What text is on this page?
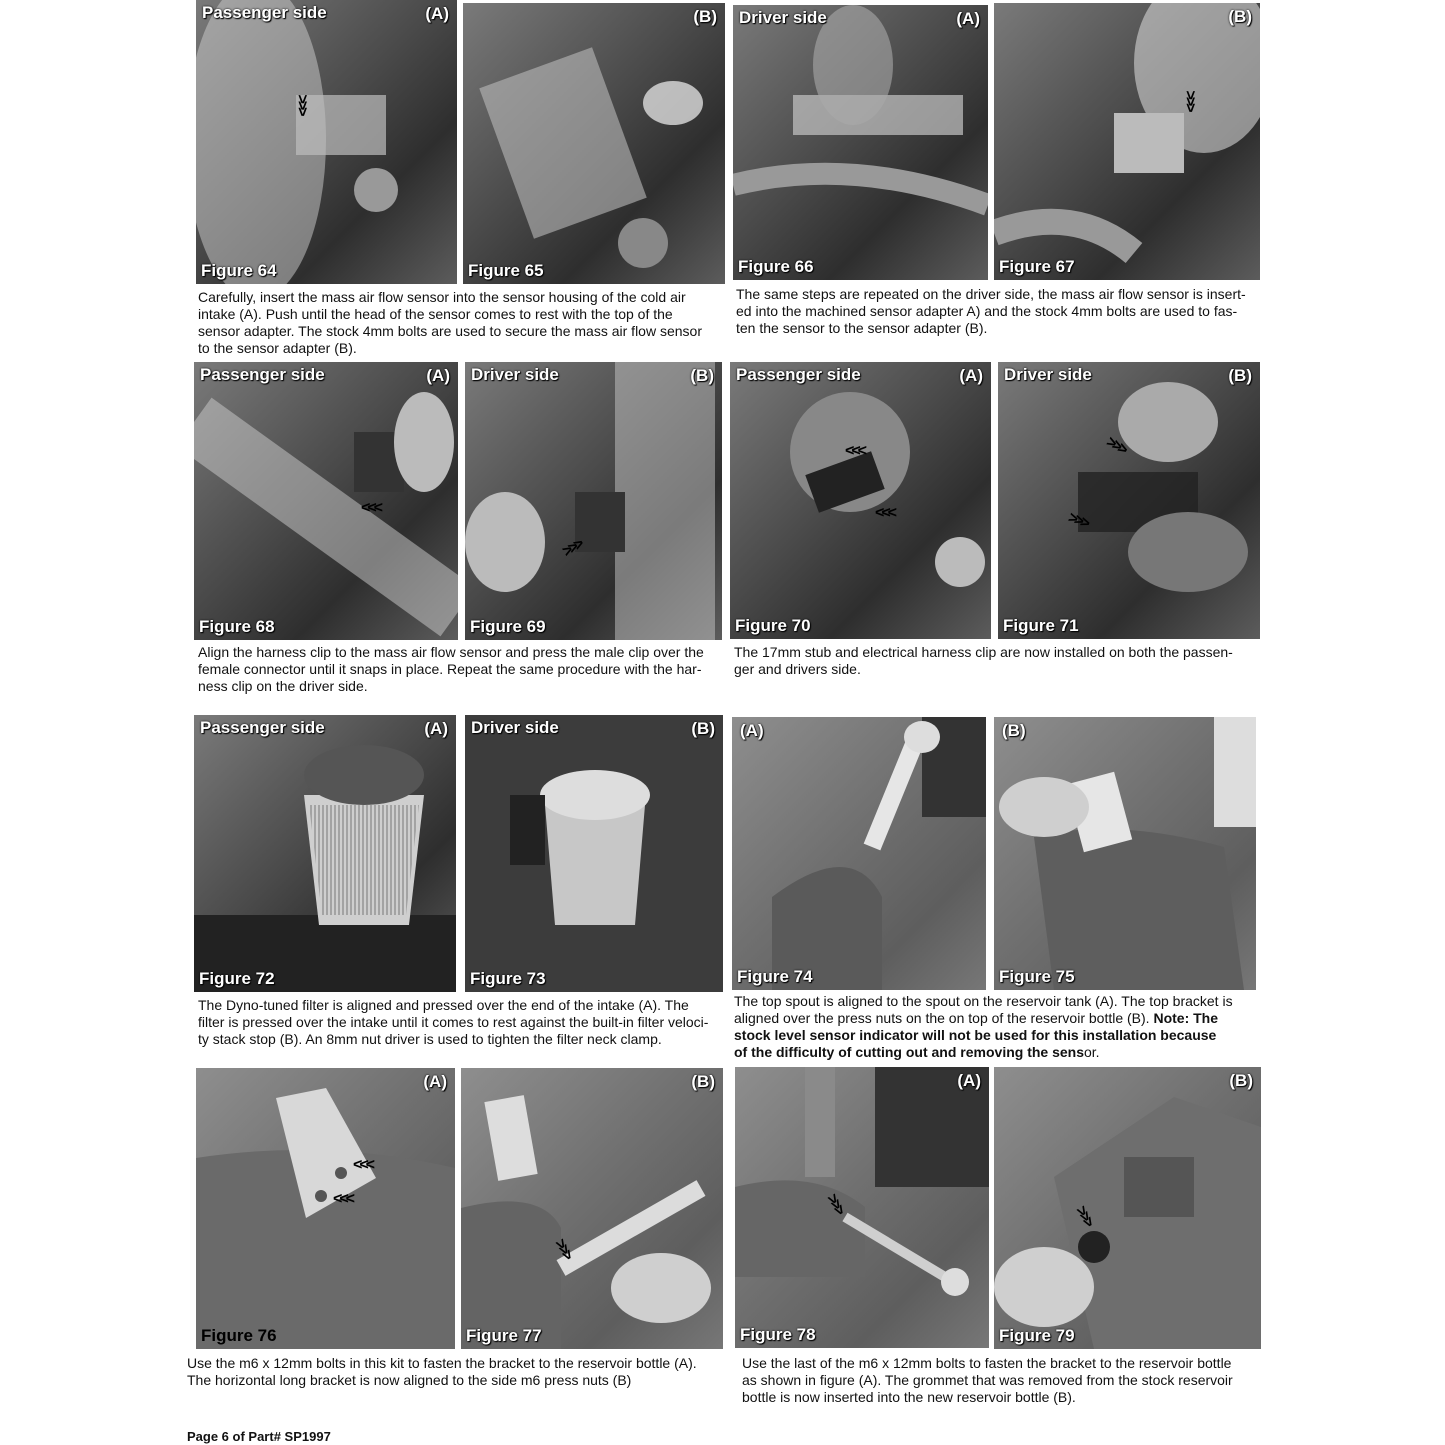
Passenger side	(A)
>>>
Figure 64
(B)
Figure 65
Driver side	(A)
Figure 66
(B)
>>>
Figure 67

Carefully, insert the mass air flow sensor into the sensor housing of the cold air
intake (A). Push until the head of the sensor comes to rest with the top of the
sensor adapter. The stock 4mm bolts are used to secure the mass air flow sensor
to the sensor adapter (B).

The same steps are repeated on the driver side, the mass air flow sensor is insert-
ed into the machined sensor adapter A) and the stock 4mm bolts are used to fas-
ten the sensor to the sensor adapter (B).

Passenger side	(A)
>>>
Figure 68
Driver side	(B)
>>>
Figure 69
Passenger side	(A)
>>>
>>>
Figure 70
Driver side	(B)
>>>
>>>
Figure 71

Align the harness clip to the mass air flow sensor and press the male clip over the
female connector until it snaps in place. Repeat the same procedure with the har-
ness clip on the driver side.

The 17mm stub and electrical harness clip are now installed on both the passen-
ger and drivers side.

Passenger side	(A)
Figure 72
Driver side	(B)
Figure 73
(A)
Figure 74
(B)
Figure 75

The Dyno-tuned filter is aligned and pressed over the end of the intake (A). The
filter is pressed over the intake until it comes to rest against the built-in filter veloci-
ty stack stop (B). An 8mm nut driver is used to tighten the filter neck clamp.

The top spout is aligned to the spout on the reservoir tank (A). The top bracket is
aligned over the press nuts on the on top of the reservoir bottle (B). Note: The
stock level sensor indicator will not be used for this installation because
of the difficulty of cutting out and removing the sensor.

(A)
>>>
>>>
Figure 76
(B)
>>>
Figure 77
(A)
>>>
Figure 78
(B)
>>>
Figure 79

Use the m6 x 12mm bolts in this kit to fasten the bracket to the reservoir bottle (A).
The horizontal long bracket is now aligned to the side m6 press nuts (B)

Use the last of the m6 x 12mm bolts to fasten the bracket to the reservoir bottle
as shown in figure (A). The grommet that was removed from the stock reservoir
bottle is now inserted into the new reservoir bottle (B).

Page 6 of Part# SP1997
